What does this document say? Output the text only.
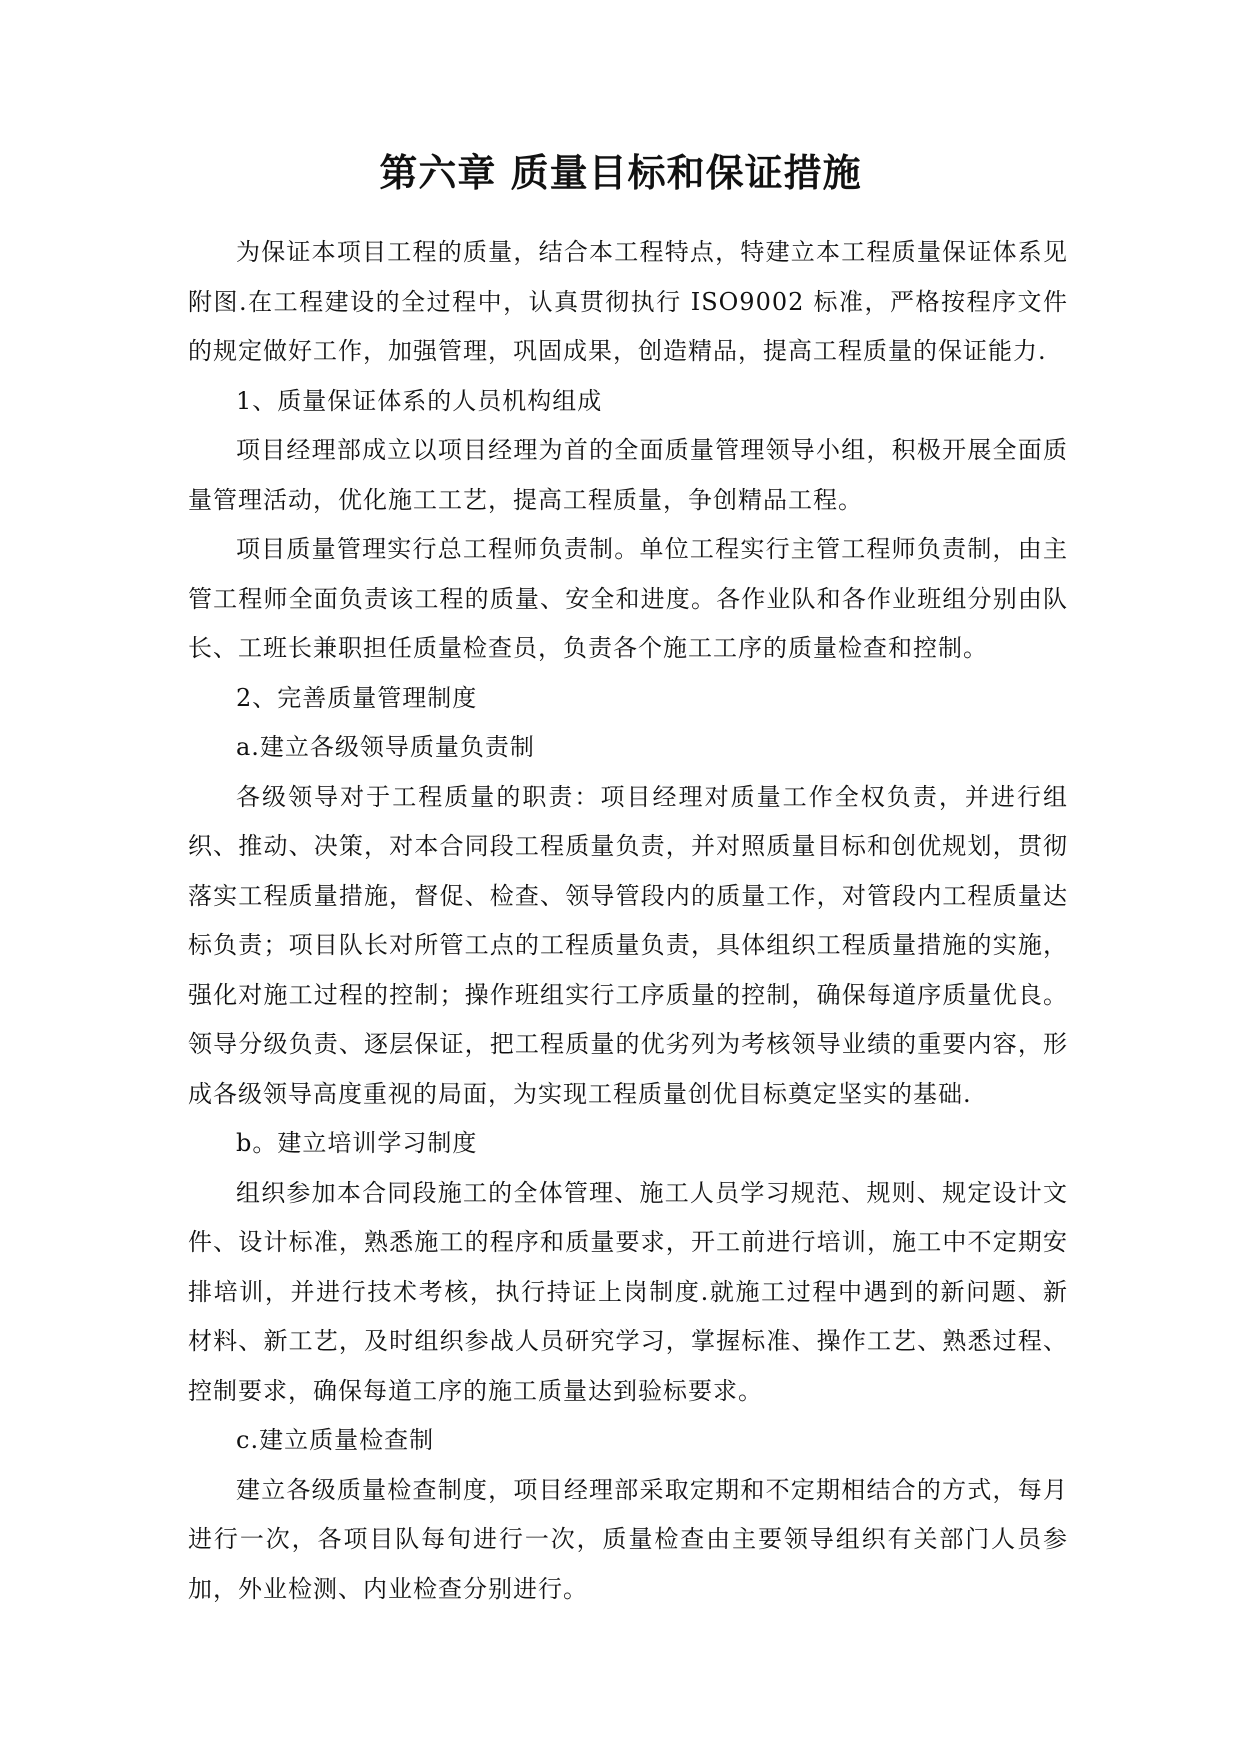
第六章 质量目标和保证措施

为保证本项目工程的质量，结合本工程特点，特建立本工程质量保证体系见附图.在工程建设的全过程中，认真贯彻执行 ISO9002 标准，严格按程序文件的规定做好工作，加强管理，巩固成果，创造精品，提高工程质量的保证能力.

1、质量保证体系的人员机构组成

项目经理部成立以项目经理为首的全面质量管理领导小组，积极开展全面质量管理活动，优化施工工艺，提高工程质量，争创精品工程。

项目质量管理实行总工程师负责制。单位工程实行主管工程师负责制，由主管工程师全面负责该工程的质量、安全和进度。各作业队和各作业班组分别由队长、工班长兼职担任质量检查员，负责各个施工工序的质量检查和控制。

2、完善质量管理制度

a.建立各级领导质量负责制

各级领导对于工程质量的职责：项目经理对质量工作全权负责，并进行组织、推动、决策，对本合同段工程质量负责，并对照质量目标和创优规划，贯彻落实工程质量措施，督促、检查、领导管段内的质量工作，对管段内工程质量达标负责；项目队长对所管工点的工程质量负责，具体组织工程质量措施的实施，强化对施工过程的控制；操作班组实行工序质量的控制，确保每道序质量优良。领导分级负责、逐层保证，把工程质量的优劣列为考核领导业绩的重要内容，形成各级领导高度重视的局面，为实现工程质量创优目标奠定坚实的基础.

b。建立培训学习制度

组织参加本合同段施工的全体管理、施工人员学习规范、规则、规定设计文件、设计标准，熟悉施工的程序和质量要求，开工前进行培训，施工中不定期安排培训，并进行技术考核，执行持证上岗制度.就施工过程中遇到的新问题、新材料、新工艺，及时组织参战人员研究学习，掌握标准、操作工艺、熟悉过程、控制要求，确保每道工序的施工质量达到验标要求。

c.建立质量检查制

建立各级质量检查制度，项目经理部采取定期和不定期相结合的方式，每月进行一次，各项目队每旬进行一次，质量检查由主要领导组织有关部门人员参加，外业检测、内业检查分别进行。
